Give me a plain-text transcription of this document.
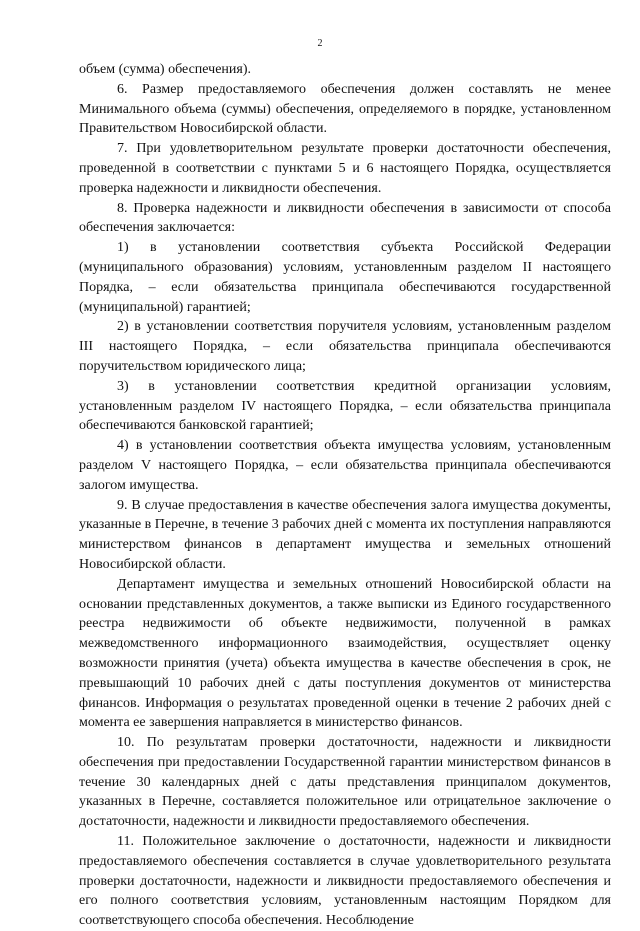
2

объем (сумма) обеспечения).

6. Размер предоставляемого обеспечения должен составлять не менее Минимального объема (суммы) обеспечения, определяемого в порядке, установленном Правительством Новосибирской области.

7. При удовлетворительном результате проверки достаточности обеспечения, проведенной в соответствии с пунктами 5 и 6 настоящего Порядка, осуществляется проверка надежности и ликвидности обеспечения.

8. Проверка надежности и ликвидности обеспечения в зависимости от способа обеспечения заключается:

1) в установлении соответствия субъекта Российской Федерации (муниципального образования) условиям, установленным разделом II настоящего Порядка, – если обязательства принципала обеспечиваются государственной (муниципальной) гарантией;

2) в установлении соответствия поручителя условиям, установленным разделом III настоящего Порядка, – если обязательства принципала обеспечиваются поручительством юридического лица;

3) в установлении соответствия кредитной организации условиям, установленным разделом IV настоящего Порядка, – если обязательства принципала обеспечиваются банковской гарантией;

4) в установлении соответствия объекта имущества условиям, установленным разделом V настоящего Порядка, – если обязательства принципала обеспечиваются залогом имущества.

9. В случае предоставления в качестве обеспечения залога имущества документы, указанные в Перечне, в течение 3 рабочих дней с момента их поступления направляются министерством финансов в департамент имущества и земельных отношений Новосибирской области.

Департамент имущества и земельных отношений Новосибирской области на основании представленных документов, а также выписки из Единого государственного реестра недвижимости об объекте недвижимости, полученной в рамках межведомственного информационного взаимодействия, осуществляет оценку возможности принятия (учета) объекта имущества в качестве обеспечения в срок, не превышающий 10 рабочих дней с даты поступления документов от министерства финансов. Информация о результатах проведенной оценки в течение 2 рабочих дней с момента ее завершения направляется в министерство финансов.

10. По результатам проверки достаточности, надежности и ликвидности обеспечения при предоставлении Государственной гарантии министерством финансов в течение 30 календарных дней с даты представления принципалом документов, указанных в Перечне, составляется положительное или отрицательное заключение о достаточности, надежности и ликвидности предоставляемого обеспечения.

11. Положительное заключение о достаточности, надежности и ликвидности предоставляемого обеспечения составляется в случае удовлетворительного результата проверки достаточности, надежности и ликвидности предоставляемого обеспечения и его полного соответствия условиям, установленным настоящим Порядком для соответствующего способа обеспечения. Несоблюдение
